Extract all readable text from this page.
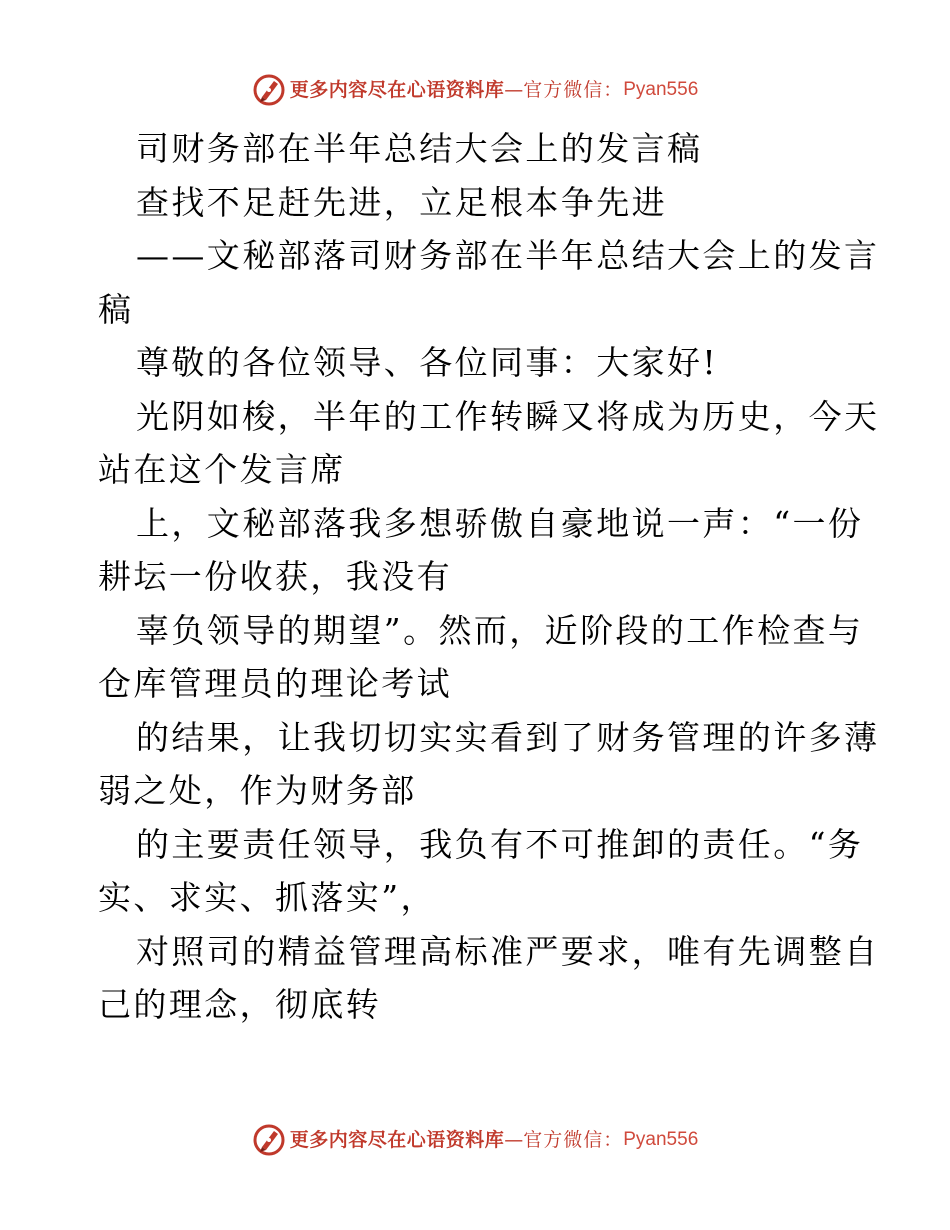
更多内容尽在心语资料库 — 官方微信： Pyan556
司财务部在半年总结大会上的发言稿
查找不足赶先进，立足根本争先进
——文秘部落司财务部在半年总结大会上的发言
稿
尊敬的各位领导、各位同事：大家好!
光阴如梭，半年的工作转瞬又将成为历史，今天
站在这个发言席
上，文秘部落我多想骄傲自豪地说一声：“一份
耕坛一份收获，我没有
辜负领导的期望”。然而，近阶段的工作检查与
仓库管理员的理论考试
的结果，让我切切实实看到了财务管理的许多薄
弱之处，作为财务部
的主要责任领导，我负有不可推卸的责任。“务
实、求实、抓落实”，
对照司的精益管理高标准严要求，唯有先调整自
己的理念，彻底转
更多内容尽在心语资料库 — 官方微信： Pyan556
